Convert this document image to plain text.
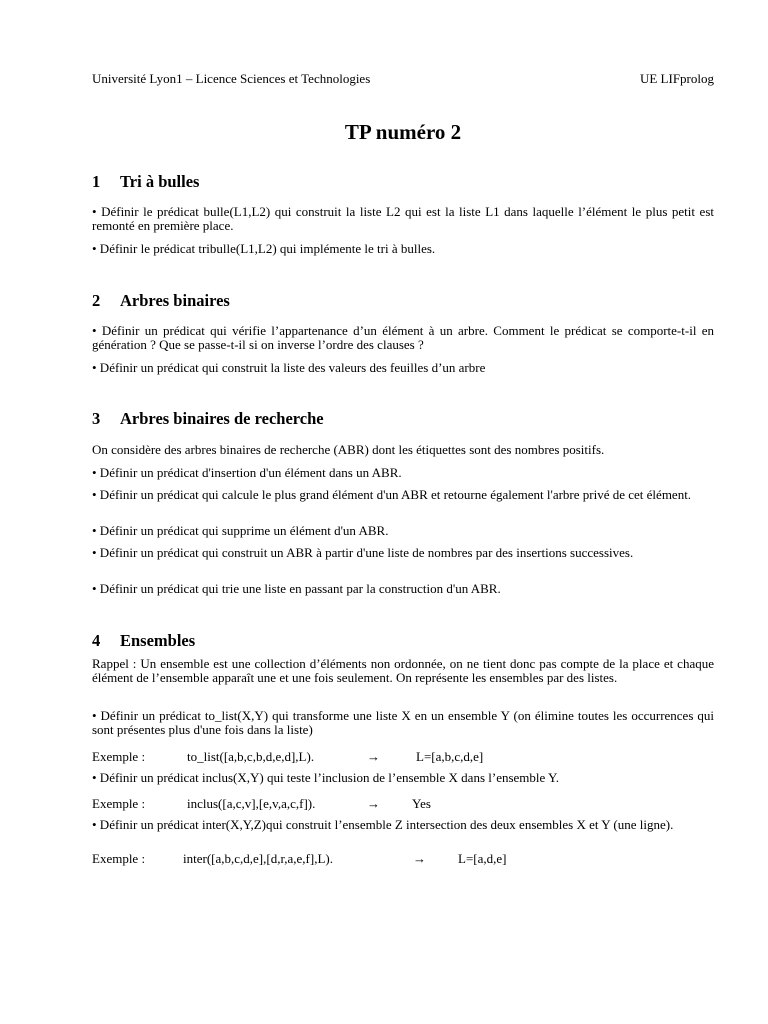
Université Lyon1 – Licence Sciences et Technologies	UE LIFprolog
TP numéro 2
1 Tri à bulles
• Définir le prédicat bulle(L1,L2) qui construit la liste L2 qui est la liste L1 dans laquelle l’élément le plus petit est remonté en première place.
• Définir le prédicat tribulle(L1,L2) qui implémente le tri à bulles.
2 Arbres binaires
• Définir un prédicat qui vérifie l’appartenance d’un élément à un arbre. Comment le prédicat se comporte-t-il en génération ? Que se passe-t-il si on inverse l’ordre des clauses ?
• Définir un prédicat qui construit la liste des valeurs des feuilles d’un arbre
3 Arbres binaires de recherche
On considère des arbres binaires de recherche (ABR) dont les étiquettes sont des nombres positifs.
• Définir un prédicat d'insertion d'un élément dans un ABR.
• Définir un prédicat qui calcule le plus grand élément d'un ABR et retourne également l'arbre privé de cet élément.
• Définir un prédicat qui supprime un élément d'un ABR.
• Définir un prédicat qui construit un ABR à partir d'une liste de nombres par des insertions successives.
• Définir un prédicat qui trie une liste en passant par la construction d'un ABR.
4 Ensembles
Rappel : Un ensemble est une collection d’éléments non ordonnée, on ne tient donc pas compte de la place et chaque élément de l’ensemble apparaît une et une fois seulement. On représente les ensembles par des listes.
• Définir un prédicat to_list(X,Y) qui transforme une liste X en un ensemble Y (on élimine toutes les occurrences qui sont présentes plus d'une fois dans la liste)
Exemple :	to_list([a,b,c,b,d,e,d],L).	→	L=[a,b,c,d,e]
• Définir un prédicat inclus(X,Y) qui teste l’inclusion de l’ensemble X dans l’ensemble Y.
Exemple :	inclus([a,c,v],[e,v,a,c,f]).	→ Yes
• Définir un prédicat inter(X,Y,Z)qui construit l’ensemble Z intersection des deux ensembles X et Y (une ligne).
Exemple :	inter([a,b,c,d,e],[d,r,a,e,f],L).	→ L=[a,d,e]
